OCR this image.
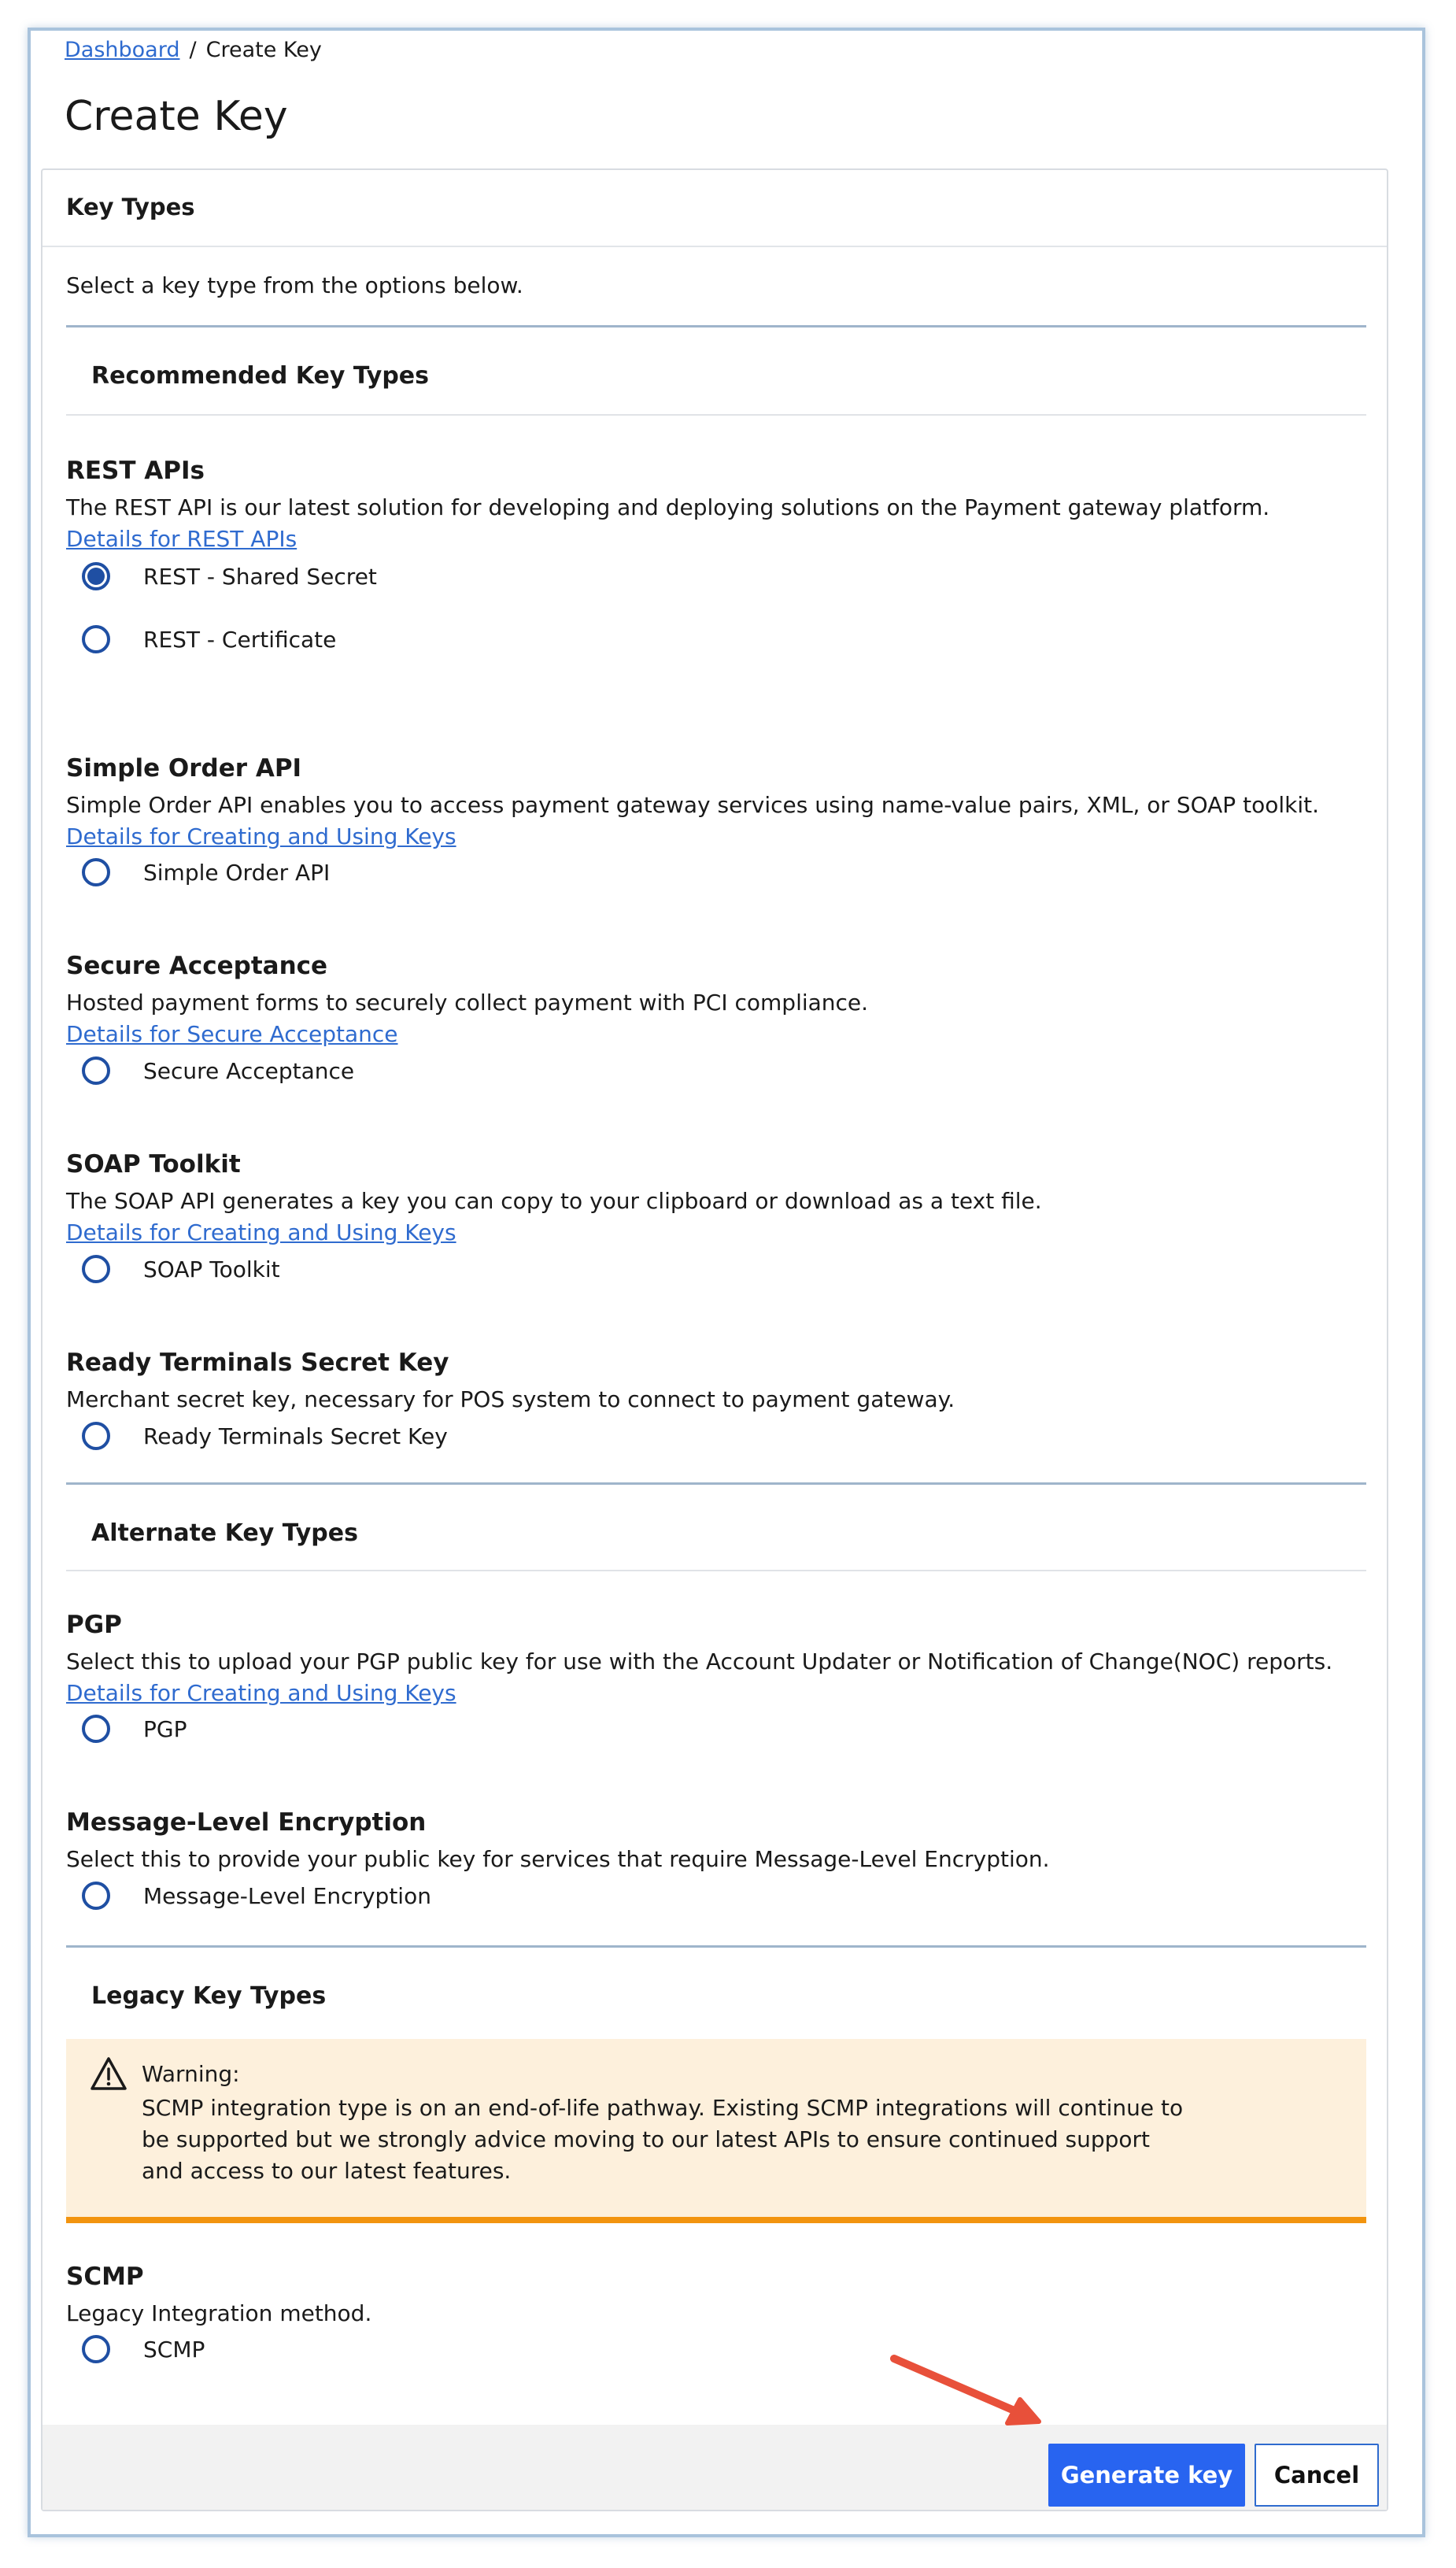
Dashboard / Create Key
Create Key
Key Types
Select a key type from the options below.
Recommended Key Types
REST APIs
The REST API is our latest solution for developing and deploying solutions on the Payment gateway platform.
Details for REST APIs
REST - Shared Secret
REST - Certificate
Simple Order API
Simple Order API enables you to access payment gateway services using name-value pairs, XML, or SOAP toolkit.
Details for Creating and Using Keys
Simple Order API
Secure Acceptance
Hosted payment forms to securely collect payment with PCI compliance.
Details for Secure Acceptance
Secure Acceptance
SOAP Toolkit
The SOAP API generates a key you can copy to your clipboard or download as a text file.
Details for Creating and Using Keys
SOAP Toolkit
Ready Terminals Secret Key
Merchant secret key, necessary for POS system to connect to payment gateway.
Ready Terminals Secret Key
Alternate Key Types
PGP
Select this to upload your PGP public key for use with the Account Updater or Notification of Change(NOC) reports.
Details for Creating and Using Keys
PGP
Message-Level Encryption
Select this to provide your public key for services that require Message-Level Encryption.
Message-Level Encryption
Legacy Key Types
Warning:
SCMP integration type is on an end-of-life pathway. Existing SCMP integrations will continue to be supported but we strongly advice moving to our latest APIs to ensure continued support and access to our latest features.
SCMP
Legacy Integration method.
SCMP
Generate key	Cancel
